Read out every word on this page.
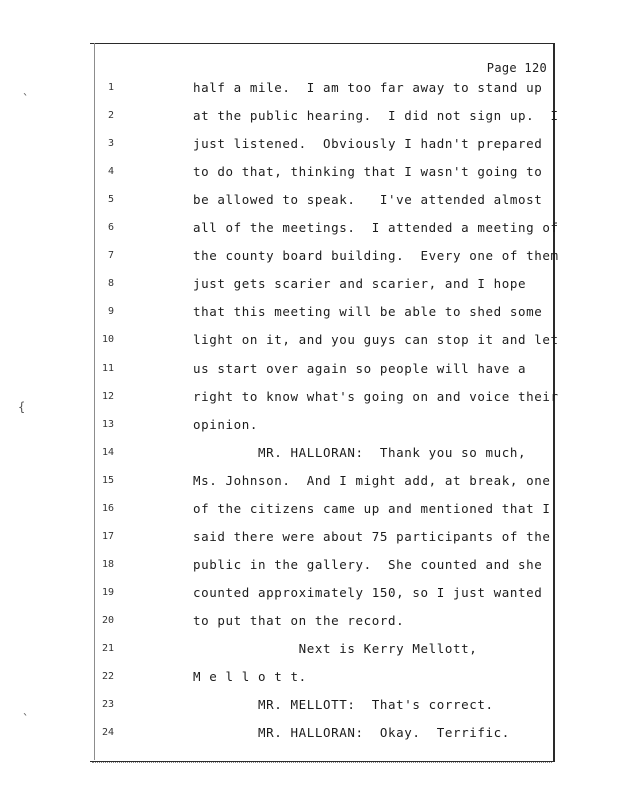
Page 120
1	half a mile.  I am too far away to stand up
2	at the public hearing.  I did not sign up.  I
3	just listened.  Obviously I hadn't prepared
4	to do that, thinking that I wasn't going to
5	be allowed to speak.   I've attended almost
6	all of the meetings.  I attended a meeting of
7	the county board building.  Every one of them
8	just gets scarier and scarier, and I hope
9	that this meeting will be able to shed some
10	light on it, and you guys can stop it and let
11	us start over again so people will have a
12	right to know what's going on and voice their
13	opinion.
14	MR. HALLORAN:  Thank you so much,
15	Ms. Johnson.  And I might add, at break, one
16	of the citizens came up and mentioned that I
17	said there were about 75 participants of the
18	public in the gallery.  She counted and she
19	counted approximately 150, so I just wanted
20	to put that on the record.
21	Next is Kerry Mellott,
22	M e l l o t t.
23	MR. MELLOTT:  That's correct.
24	MR. HALLORAN:  Okay.  Terrific.
`
{
`
